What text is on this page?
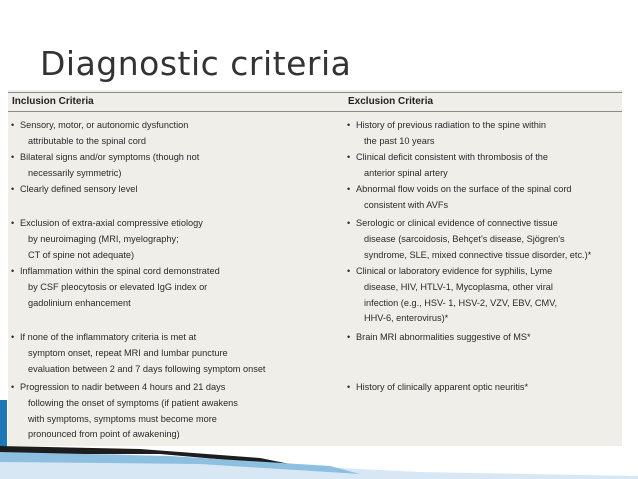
Diagnostic criteria
Inclusion Criteria	Exclusion Criteria
• Sensory, motor, or autonomic dysfunction
attributable to the spinal cord
• Bilateral signs and/or symptoms (though not
necessarily symmetric)
• Clearly defined sensory level
• Exclusion of extra-axial compressive etiology
by neuroimaging (MRI, myelography;
CT of spine not adequate)
• Inflammation within the spinal cord demonstrated
by CSF pleocytosis or elevated IgG index or
gadolinium enhancement
• If none of the inflammatory criteria is met at
symptom onset, repeat MRI and lumbar puncture
evaluation between 2 and 7 days following symptom onset
• Progression to nadir between 4 hours and 21 days
following the onset of symptoms (if patient awakens
with symptoms, symptoms must become more
pronounced from point of awakening)
• History of previous radiation to the spine within
the past 10 years
• Clinical deficit consistent with thrombosis of the
anterior spinal artery
• Abnormal flow voids on the surface of the spinal cord
consistent with AVFs
• Serologic or clinical evidence of connective tissue
disease (sarcoidosis, Behçet's disease, Sjögren's
syndrome, SLE, mixed connective tissue disorder, etc.)*
• Clinical or laboratory evidence for syphilis, Lyme
disease, HIV, HTLV-1, Mycoplasma, other viral
infection (e.g., HSV- 1, HSV-2, VZV, EBV, CMV,
HHV-6, enterovirus)*
• Brain MRI abnormalities suggestive of MS*
• History of clinically apparent optic neuritis*
